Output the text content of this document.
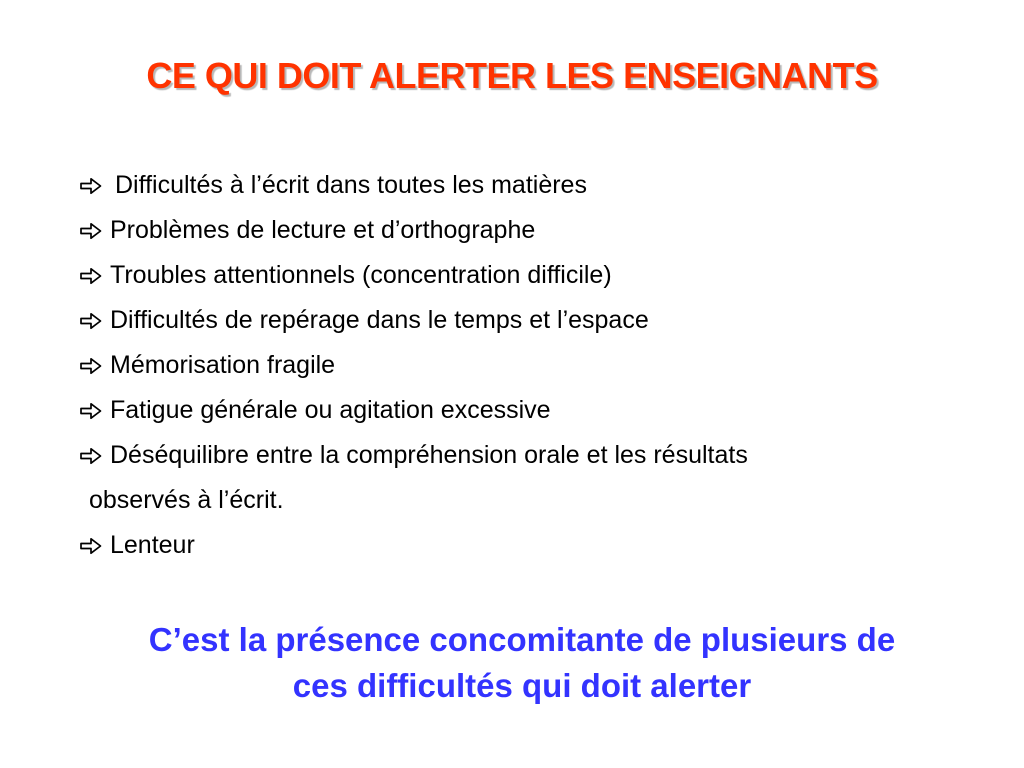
CE QUI DOIT ALERTER LES ENSEIGNANTS
Difficultés à l’écrit dans toutes les matières
Problèmes de lecture et d’orthographe
Troubles attentionnels (concentration difficile)
Difficultés de repérage dans le temps et l’espace
Mémorisation fragile
Fatigue générale ou agitation excessive
Déséquilibre entre la compréhension orale et les résultats
observés à l’écrit.
Lenteur
C’est la présence concomitante de plusieurs de
ces difficultés qui doit alerter
